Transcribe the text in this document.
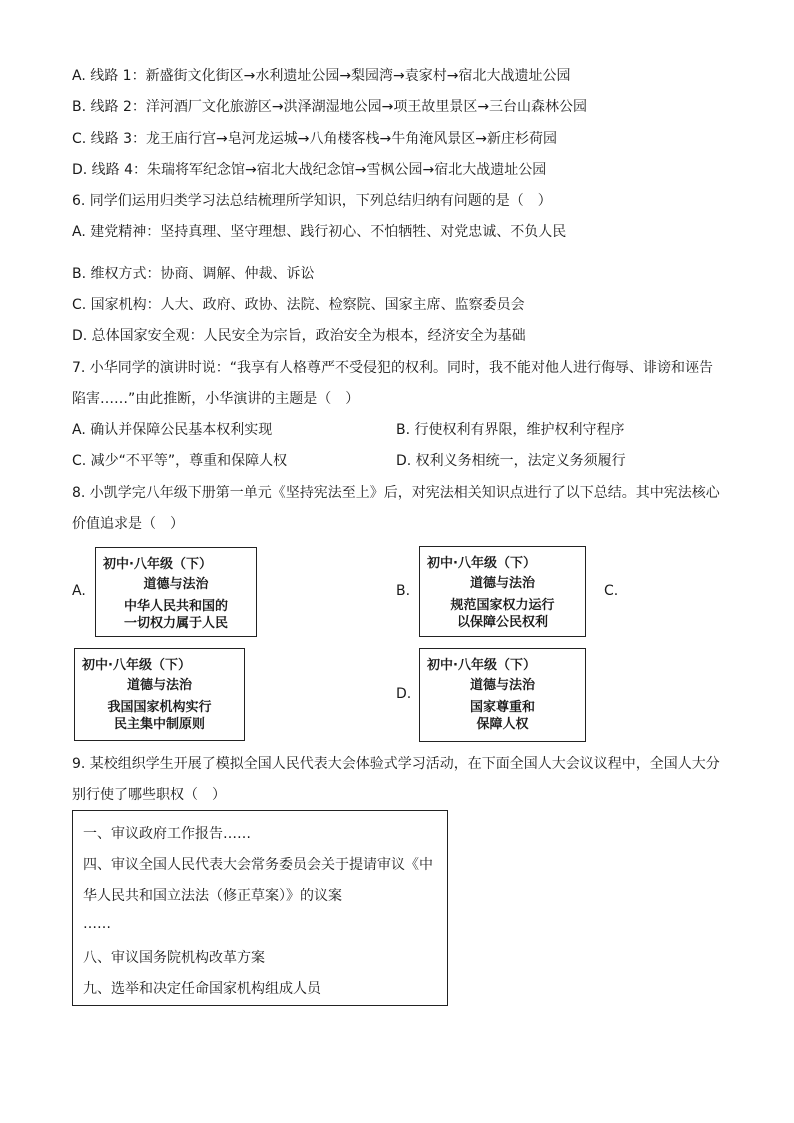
A. 线路 1：新盛街文化街区→水利遗址公园→梨园湾→袁家村→宿北大战遗址公园
B. 线路 2：洋河酒厂文化旅游区→洪泽湖湿地公园→项王故里景区→三台山森林公园
C. 线路 3：龙王庙行宫→皂河龙运城→八角楼客栈→牛角淹风景区→新庄杉荷园
D. 线路 4：朱瑞将军纪念馆→宿北大战纪念馆→雪枫公园→宿北大战遗址公园
6. 同学们运用归类学习法总结梳理所学知识，下列总结归纳有问题的是（　）
A. 建党精神：坚持真理、坚守理想、践行初心、不怕牺牲、对党忠诚、不负人民
B. 维权方式：协商、调解、仲裁、诉讼
C. 国家机构：人大、政府、政协、法院、检察院、国家主席、监察委员会
D. 总体国家安全观：人民安全为宗旨，政治安全为根本，经济安全为基础
7. 小华同学的演讲时说：“我享有人格尊严不受侵犯的权利。同时，我不能对他人进行侮辱、诽谤和诬告
陷害……”由此推断，小华演讲的主题是（　）
A. 确认并保障公民基本权利实现	B. 行使权利有界限，维护权利守程序
C. 减少“不平等”，尊重和保障人权	D. 权利义务相统一，法定义务须履行
8. 小凯学完八年级下册第一单元《坚持宪法至上》后，对宪法相关知识点进行了以下总结。其中宪法核心
价值追求是（　）
A.
初中·八年级（下）
道德与法治
中华人民共和国的
一切权力属于人民
B.
初中·八年级（下）
道德与法治
规范国家权力运行
以保障公民权利
C.
初中·八年级（下）
道德与法治
我国国家机构实行
民主集中制原则
D.
初中·八年级（下）
道德与法治
国家尊重和
保障人权
9. 某校组织学生开展了模拟全国人民代表大会体验式学习活动，在下面全国人大会议议程中，全国人大分
别行使了哪些职权（　）
一、审议政府工作报告……
四、审议全国人民代表大会常务委员会关于提请审议《中
华人民共和国立法法（修正草案）》的议案
……
八、审议国务院机构改革方案
九、选举和决定任命国家机构组成人员
